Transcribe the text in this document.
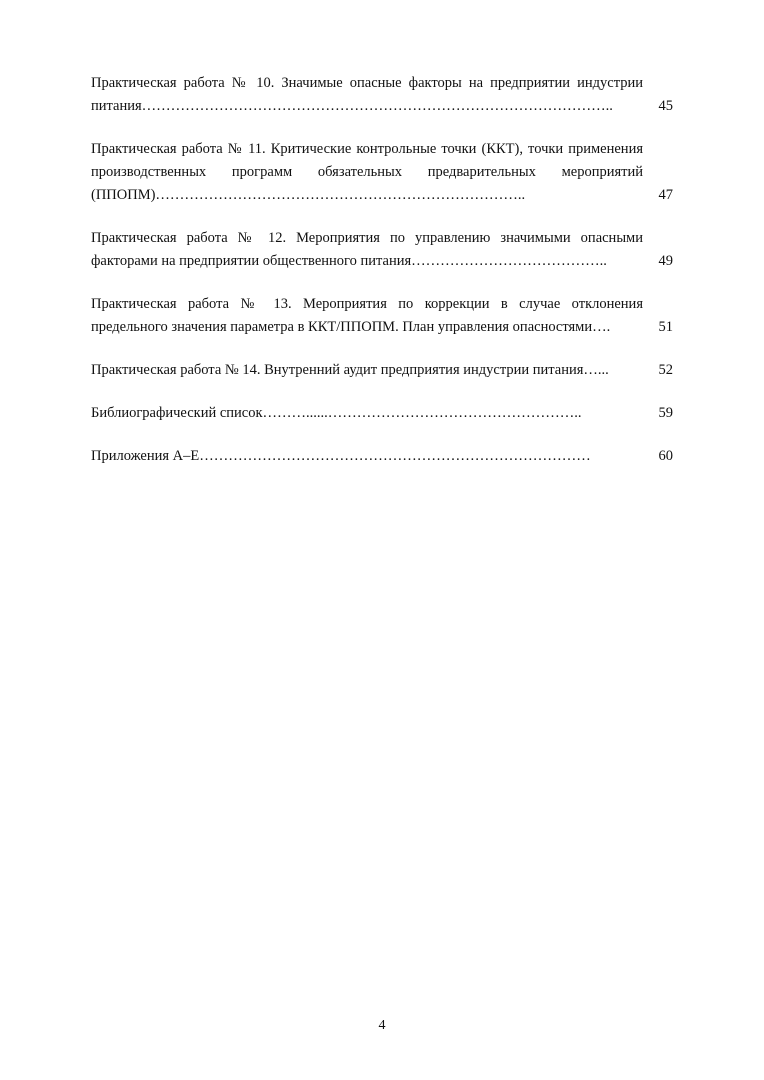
Практическая работа № 10. Значимые опасные факторы на предприятии индустрии питания……………………………………………………………………………………..	45
Практическая работа № 11. Критические контрольные точки (ККТ), точки применения производственных программ обязательных предварительных мероприятий (ППОПМ)…………………………………………………………………..	47
Практическая работа № 12. Мероприятия по управлению значимыми опасными факторами на предприятии общественного питания…………………………………..	49
Практическая работа № 13. Мероприятия по коррекции в случае отклонения предельного значения параметра в ККТ/ППОПМ. План управления опасностями….	51
Практическая работа № 14. Внутренний аудит предприятия индустрии питания…...	52
Библиографический список………......……………………………………………..	59
Приложения А–Е………………………………………………………………………	60
4
